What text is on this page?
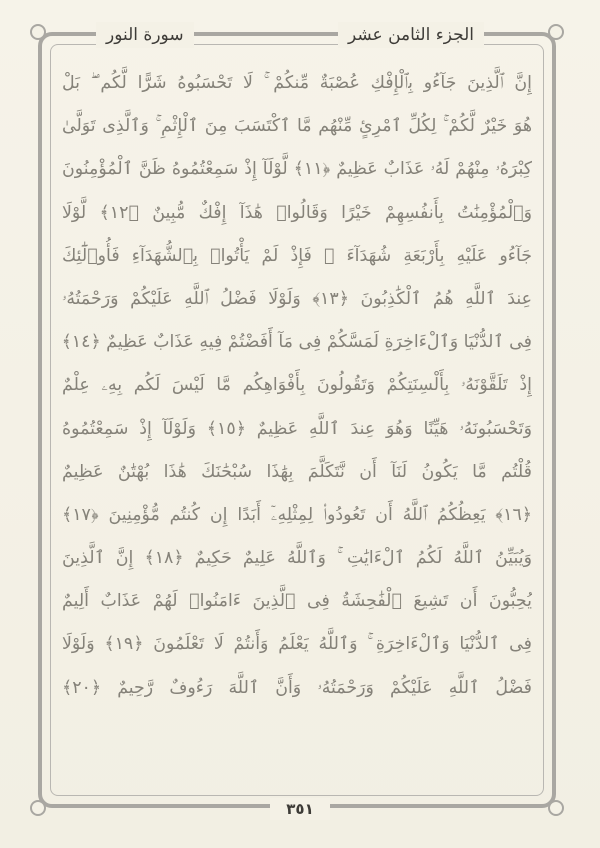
الجزء الثامن عشر
سورة النور
إِنَّ ٱلَّذِينَ جَآءُو بِٱلْإِفْكِ عُصْبَةٌ مِّنكُمْ ۚ لَا تَحْسَبُوهُ شَرًّا لَّكُم ۖ بَلْ
هُوَ خَيْرٌ لَّكُمْ ۚ لِكُلِّ ٱمْرِئٍ مِّنْهُم مَّا ٱكْتَسَبَ مِنَ ٱلْإِثْمِ ۚ وَٱلَّذِى تَوَلَّىٰ
كِبْرَهُۥ مِنْهُمْ لَهُۥ عَذَابٌ عَظِيمٌ ﴿١١﴾ لَّوْلَآ إِذْ سَمِعْتُمُوهُ ظَنَّ ٱلْمُؤْمِنُونَ
وَٱلْمُؤْمِنَٰتُ بِأَنفُسِهِمْ خَيْرًا وَقَالُوا۟ هَٰذَآ إِفْكٌ مُّبِينٌ ﴿١٢﴾ لَّوْلَا
جَآءُو عَلَيْهِ بِأَرْبَعَةِ شُهَدَآءَ ۚ فَإِذْ لَمْ يَأْتُوا۟ بِٱلشُّهَدَآءِ فَأُو۟لَٰٓئِكَ
عِندَ ٱللَّهِ هُمُ ٱلْكَٰذِبُونَ ﴿١٣﴾ وَلَوْلَا فَضْلُ ٱللَّهِ عَلَيْكُمْ وَرَحْمَتُهُۥ
فِى ٱلدُّنْيَا وَٱلْءَاخِرَةِ لَمَسَّكُمْ فِى مَآ أَفَضْتُمْ فِيهِ عَذَابٌ عَظِيمٌ ﴿١٤﴾
إِذْ تَلَقَّوْنَهُۥ بِأَلْسِنَتِكُمْ وَتَقُولُونَ بِأَفْوَاهِكُم مَّا لَيْسَ لَكُم بِهِۦ عِلْمٌ
وَتَحْسَبُونَهُۥ هَيِّنًا وَهُوَ عِندَ ٱللَّهِ عَظِيمٌ ﴿١٥﴾ وَلَوْلَآ إِذْ سَمِعْتُمُوهُ
قُلْتُم مَّا يَكُونُ لَنَآ أَن نَّتَكَلَّمَ بِهَٰذَا سُبْحَٰنَكَ هَٰذَا بُهْتَٰنٌ عَظِيمٌ
﴿١٦﴾ يَعِظُكُمُ ٱللَّهُ أَن تَعُودُوا۟ لِمِثْلِهِۦٓ أَبَدًا إِن كُنتُم مُّؤْمِنِينَ ﴿١٧﴾
وَيُبَيِّنُ ٱللَّهُ لَكُمُ ٱلْءَايَٰتِ ۚ وَٱللَّهُ عَلِيمٌ حَكِيمٌ ﴿١٨﴾ إِنَّ ٱلَّذِينَ
يُحِبُّونَ أَن تَشِيعَ ٱلْفَٰحِشَةُ فِى ٱلَّذِينَ ءَامَنُوا۟ لَهُمْ عَذَابٌ أَلِيمٌ
فِى ٱلدُّنْيَا وَٱلْءَاخِرَةِ ۚ وَٱللَّهُ يَعْلَمُ وَأَنتُمْ لَا تَعْلَمُونَ ﴿١٩﴾ وَلَوْلَا
فَضْلُ ٱللَّهِ عَلَيْكُمْ وَرَحْمَتُهُۥ وَأَنَّ ٱللَّهَ رَءُوفٌ رَّحِيمٌ ﴿٢٠﴾
٣٥١
